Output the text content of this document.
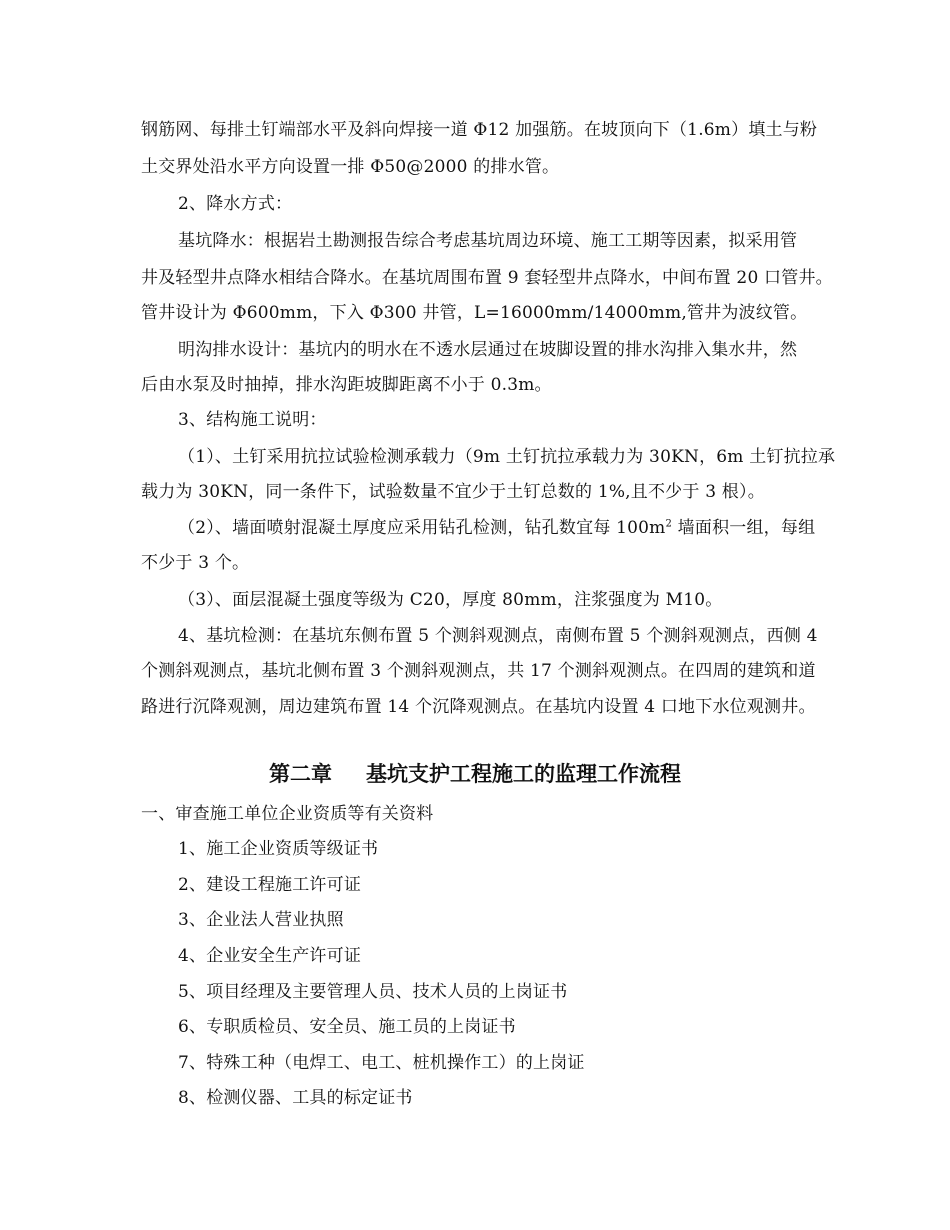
钢筋网、每排土钉端部水平及斜向焊接一道 Φ12 加强筋。在坡顶向下（1.6m）填土与粉
土交界处沿水平方向设置一排 Φ50@2000 的排水管。
2、降水方式：
基坑降水：根据岩土勘测报告综合考虑基坑周边环境、施工工期等因素，拟采用管
井及轻型井点降水相结合降水。在基坑周围布置 9 套轻型井点降水，中间布置 20 口管井。
管井设计为 Φ600mm，下入 Φ300 井管，L=16000mm/14000mm,管井为波纹管。
明沟排水设计：基坑内的明水在不透水层通过在坡脚设置的排水沟排入集水井，然
后由水泵及时抽掉，排水沟距坡脚距离不小于 0.3m。
3、结构施工说明：
（1）、土钉采用抗拉试验检测承载力（9m 土钉抗拉承载力为 30KN，6m 土钉抗拉承
载力为 30KN，同一条件下，试验数量不宜少于土钉总数的 1%,且不少于 3 根）。
（2）、墙面喷射混凝土厚度应采用钻孔检测，钻孔数宜每 $100m^2$ 墙面积一组，每组
不少于 3 个。
（3）、面层混凝土强度等级为 C20，厚度 80mm，注浆强度为 M10。
4、基坑检测：在基坑东侧布置 5 个测斜观测点，南侧布置 5 个测斜观测点，西侧 4
个测斜观测点，基坑北侧布置 3 个测斜观测点，共 17 个测斜观测点。在四周的建筑和道
路进行沉降观测，周边建筑布置 14 个沉降观测点。在基坑内设置 4 口地下水位观测井。
第二章 基坑支护工程施工的监理工作流程
一、审查施工单位企业资质等有关资料
1、施工企业资质等级证书
2、建设工程施工许可证
3、企业法人营业执照
4、企业安全生产许可证
5、项目经理及主要管理人员、技术人员的上岗证书
6、专职质检员、安全员、施工员的上岗证书
7、特殊工种（电焊工、电工、桩机操作工）的上岗证
8、检测仪器、工具的标定证书
